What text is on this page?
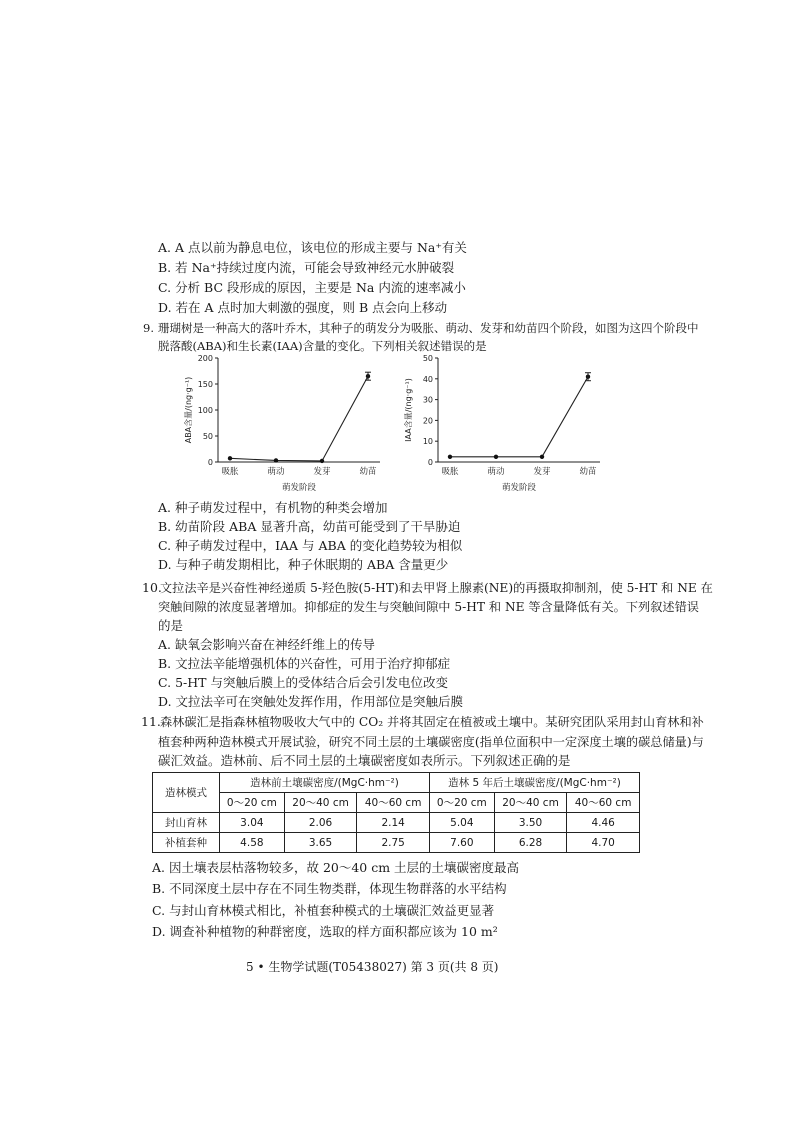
A. A 点以前为静息电位，该电位的形成主要与 Na⁺有关
B. 若 Na⁺持续过度内流，可能会导致神经元水肿破裂
C. 分析 BC 段形成的原因，主要是 Na 内流的速率减小
D. 若在 A 点时加大刺激的强度，则 B 点会向上移动
9. 珊瑚树是一种高大的落叶乔木，其种子的萌发分为吸胀、萌动、发芽和幼苗四个阶段，如图为这四个阶段中
脱落酸(ABA)和生长素(IAA)含量的变化。下列相关叙述错误的是
0
50
100
150
200
吸胀	萌动	发芽	幼苗
萌发阶段
ABA含量/(ng·g⁻¹)
0
10
20
30
40
50
吸胀	萌动	发芽	幼苗
萌发阶段
IAA含量/(ng·g⁻¹)
A. 种子萌发过程中，有机物的种类会增加
B. 幼苗阶段 ABA 显著升高，幼苗可能受到了干旱胁迫
C. 种子萌发过程中，IAA 与 ABA 的变化趋势较为相似
D. 与种子萌发期相比，种子休眠期的 ABA 含量更少
10.
文拉法辛是兴奋性神经递质 5-羟色胺(5-HT)和去甲肾上腺素(NE)的再摄取抑制剂，使 5-HT 和 NE 在
突触间隙的浓度显著增加。抑郁症的发生与突触间隙中 5-HT 和 NE 等含量降低有关。下列叙述错误
的是
A. 缺氧会影响兴奋在神经纤维上的传导
B. 文拉法辛能增强机体的兴奋性，可用于治疗抑郁症
C. 5-HT 与突触后膜上的受体结合后会引发电位改变
D. 文拉法辛可在突触处发挥作用，作用部位是突触后膜
11. 森林碳汇是指森林植物吸收大气中的 CO₂ 并将其固定在植被或土壤中。某研究团队采用封山育林和补
植套种两种造林模式开展试验，研究不同土层的土壤碳密度(指单位面积中一定深度土壤的碳总储量)与
碳汇效益。造林前、后不同土层的土壤碳密度如表所示。下列叙述正确的是
造林模式	造林前土壤碳密度/(MgC·hm⁻²)			造林 5 年后土壤碳密度/(MgC·hm⁻²)		
	0～20 cm	20～40 cm	40～60 cm	0～20 cm	20～40 cm	40～60 cm
封山育林	3.04	2.06	2.14	5.04	3.50	4.46
补植套种	4.58	3.65	2.75	7.60	6.28	4.70
A. 因土壤表层枯落物较多，故 20～40 cm 土层的土壤碳密度最高
B. 不同深度土层中存在不同生物类群，体现生物群落的水平结构
C. 与封山育林模式相比，补植套种模式的土壤碳汇效益更显著
D. 调查补种植物的种群密度，选取的样方面积都应该为 10 m²
5 • 生物学试题(T05438027) 第 3 页(共 8 页)
